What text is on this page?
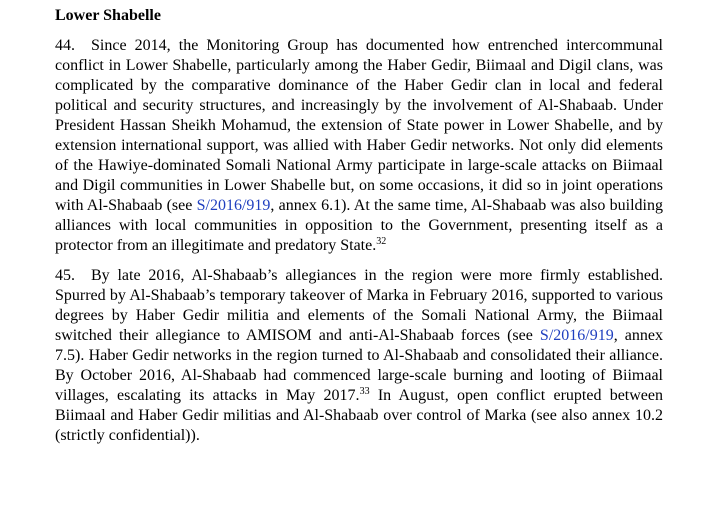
Lower Shabelle

44.  Since 2014, the Monitoring Group has documented how entrenched intercommunal conflict in Lower Shabelle, particularly among the Haber Gedir, Biimaal and Digil clans, was complicated by the comparative dominance of the Haber Gedir clan in local and federal political and security structures, and increasingly by the involvement of Al-Shabaab. Under President Hassan Sheikh Mohamud, the extension of State power in Lower Shabelle, and by extension international support, was allied with Haber Gedir networks. Not only did elements of the Hawiye-dominated Somali National Army participate in large-scale attacks on Biimaal and Digil communities in Lower Shabelle but, on some occasions, it did so in joint operations with Al-Shabaab (see S/2016/919, annex 6.1). At the same time, Al-Shabaab was also building alliances with local communities in opposition to the Government, presenting itself as a protector from an illegitimate and predatory State.$^{32}$

45.  By late 2016, Al-Shabaab’s allegiances in the region were more firmly established. Spurred by Al-Shabaab’s temporary takeover of Marka in February 2016, supported to various degrees by Haber Gedir militia and elements of the Somali National Army, the Biimaal switched their allegiance to AMISOM and anti-Al-Shabaab forces (see S/2016/919, annex 7.5). Haber Gedir networks in the region turned to Al-Shabaab and consolidated their alliance. By October 2016, Al-Shabaab had commenced large-scale burning and looting of Biimaal villages, escalating its attacks in May 2017.33 In August, open conflict erupted between Biimaal and Haber Gedir militias and Al-Shabaab over control of Marka (see also annex 10.2 (strictly confidential)).
